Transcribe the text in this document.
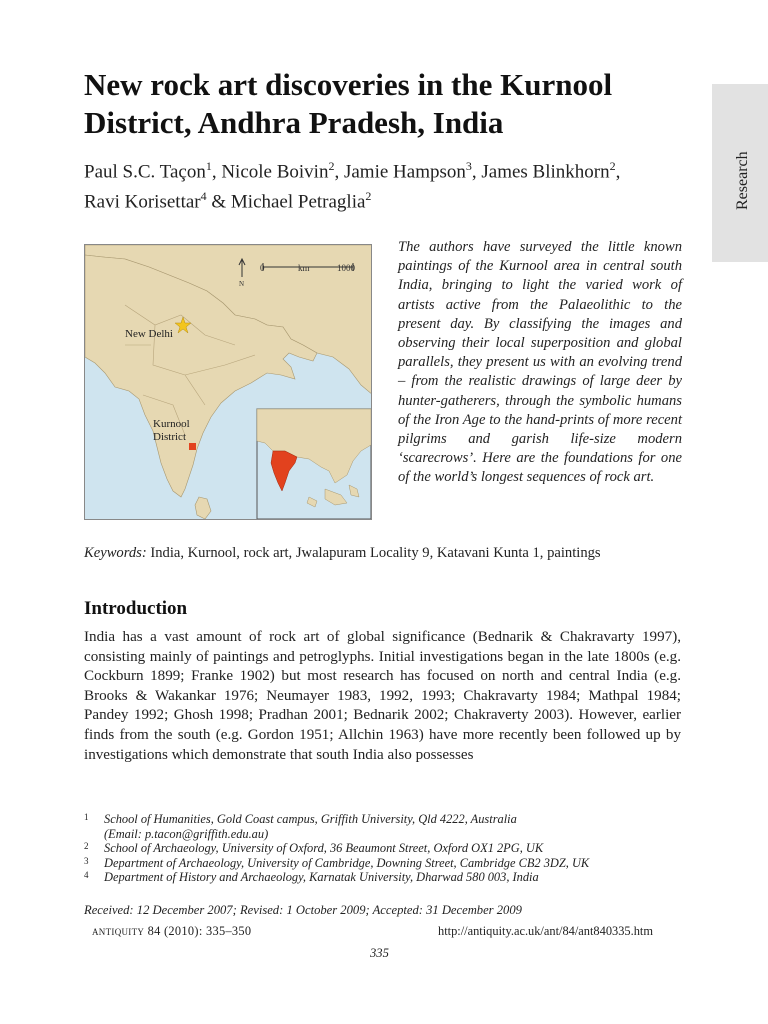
Research
New rock art discoveries in the Kurnool
District, Andhra Pradesh, India
Paul S.C. Taçon$^1$, Nicole Boivin$^2$, Jamie Hampson$^3$, James Blinkhorn$^2$, Ravi Korisettar$^4$ & Michael Petraglia$^2$
N
0	km	1000
New Delhi
Kurnool
District

The authors have surveyed the little known paintings of the Kurnool area in central south India, bringing to light the varied work of artists active from the Palaeolithic to the present day. By classifying the images and observing their local superposition and global parallels, they present us with an evolving trend – from the realistic drawings of large deer by hunter-gatherers, through the symbolic humans of the Iron Age to the hand-prints of more recent pilgrims and garish life-size modern ‘scarecrows’. Here are the foundations for one of the world’s longest sequences of rock art.

Keywords: India, Kurnool, rock art, Jwalapuram Locality 9, Katavani Kunta 1, paintings
Introduction

India has a vast amount of rock art of global significance (Bednarik & Chakravarty 1997), consisting mainly of paintings and petroglyphs. Initial investigations began in the late 1800s (e.g. Cockburn 1899; Franke 1902) but most research has focused on north and central India (e.g. Brooks & Wakankar 1976; Neumayer 1983, 1992, 1993; Chakravarty 1984; Mathpal 1984; Pandey 1992; Ghosh 1998; Pradhan 2001; Bednarik 2002; Chakraverty 2003). However, earlier finds from the south (e.g. Gordon 1951; Allchin 1963) have more recently been followed up by investigations which demonstrate that south India also possesses

1 School of Humanities, Gold Coast campus, Griffith University, Qld 4222, Australia
(Email: p.tacon@griffith.edu.au)
2 School of Archaeology, University of Oxford, 36 Beaumont Street, Oxford OX1 2PG, UK
3 Department of Archaeology, University of Cambridge, Downing Street, Cambridge CB2 3DZ, UK
4 Department of History and Archaeology, Karnatak University, Dharwad 580 003, India
Received: 12 December 2007; Revised: 1 October 2009; Accepted: 31 December 2009
antiquity 84 (2010): 335–350	http://antiquity.ac.uk/ant/84/ant840335.htm
335
